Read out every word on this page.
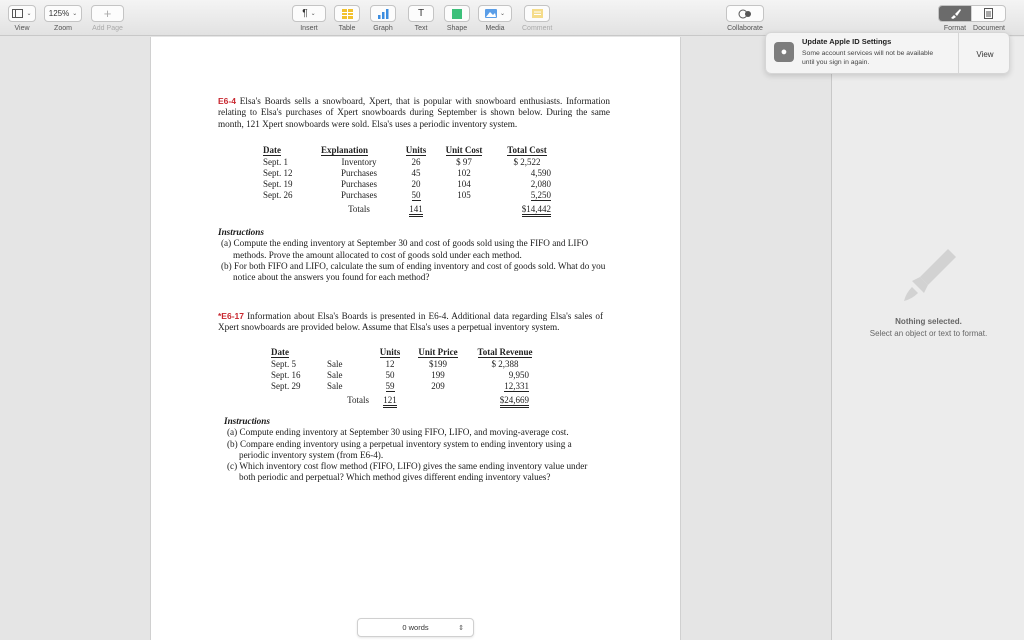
⌄
View
125% ⌄
Zoom
+
Add Page
¶ ⌄
Insert	Table	Graph
T
Text	Shape
⌄
Media Comment	Collaborate	Format Document
E6-4 Elsa's Boards sells a snowboard, Xpert, that is popular with snowboard enthusiasts. Information relating to Elsa's purchases of Xpert snowboards during September is shown below. During the same month, 121 Xpert snowboards were sold. Elsa's uses a periodic inventory system.
Date	Explanation	Units	Unit Cost	Total Cost
Sept. 1	Inventory	26	$ 97	$ 2,522
Sept. 12	Purchases	45	102	4,590
Sept. 19	Purchases	20	104	2,080
Sept. 26	Purchases	50	105	5,250
	Totals	141		$14,442
Instructions
(a) Compute the ending inventory at September 30 and cost of goods sold using the FIFO and LIFO methods. Prove the amount allocated to cost of goods sold under each method.
(b) For both FIFO and LIFO, calculate the sum of ending inventory and cost of goods sold. What do you notice about the answers you found for each method?
*E6-17 Information about Elsa's Boards is presented in E6-4. Additional data regarding Elsa's sales of Xpert snowboards are provided below. Assume that Elsa's uses a perpetual inventory system.
Date		Units	Unit Price	Total Revenue
Sept. 5	Sale	12	$199	$ 2,388
Sept. 16	Sale	50	199	9,950
Sept. 29	Sale	59	209	12,331
	Totals	121		$24,669
Instructions
(a) Compute ending inventory at September 30 using FIFO, LIFO, and moving-average cost.
(b) Compare ending inventory using a perpetual inventory system to ending inventory using a periodic inventory system (from E6-4).
(c) Which inventory cost flow method (FIFO, LIFO) gives the same ending inventory value under both periodic and perpetual? Which method gives different ending inventory values?
Nothing selected.
Select an object or text to format.
●
Update Apple ID Settings
Some account services will not be available until you sign in again.
View
0 words	⇕
